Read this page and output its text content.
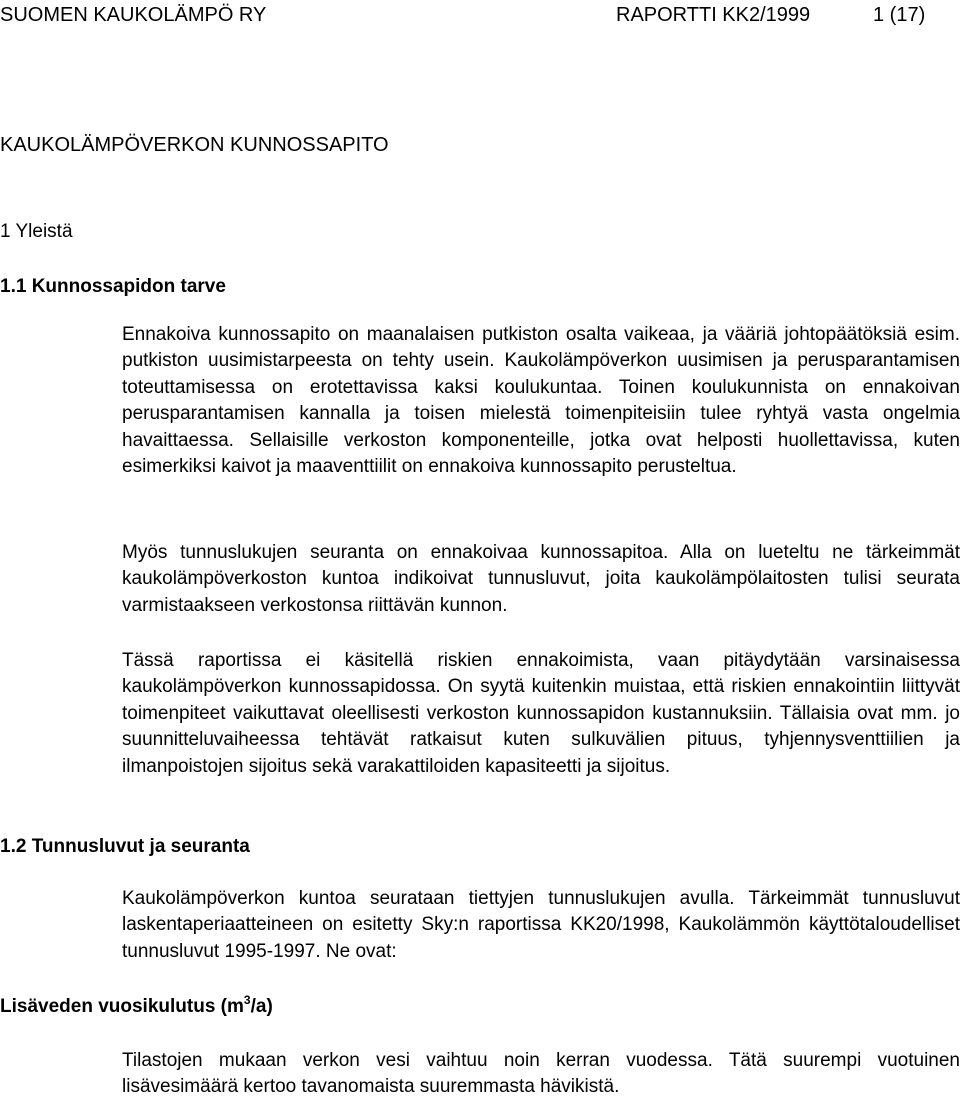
SUOMEN KAUKOLÄMPÖ RY	RAPORTTI KK2/1999	1 (17)
KAUKOLÄMPÖVERKON KUNNOSSAPITO
1 Yleistä
1.1 Kunnossapidon tarve

Ennakoiva kunnossapito on maanalaisen putkiston osalta vaikeaa, ja vääriä johtopäätöksiä esim. putkiston uusimistarpeesta on tehty usein. Kaukolämpöverkon uusimisen ja perusparantamisen toteuttamisessa on erotettavissa kaksi koulukuntaa. Toinen koulukunnista on ennakoivan perusparantamisen kannalla ja toisen mielestä toimenpiteisiin tulee ryhtyä vasta ongelmia havaittaessa. Sellaisille verkoston komponenteille, jotka ovat helposti huollettavissa, kuten esimerkiksi kaivot ja maaventtiilit on ennakoiva kunnossapito perusteltua.

Myös tunnuslukujen seuranta on ennakoivaa kunnossapitoa. Alla on lueteltu ne tärkeimmät kaukolämpöverkoston kuntoa indikoivat tunnusluvut, joita kaukolämpölaitosten tulisi seurata varmistaakseen verkostonsa riittävän kunnon.

Tässä raportissa ei käsitellä riskien ennakoimista, vaan pitäydytään varsinaisessa kaukolämpöverkon kunnossapidossa. On syytä kuitenkin muistaa, että riskien ennakointiin liittyvät toimenpiteet vaikuttavat oleellisesti verkoston kunnossapidon kustannuksiin. Tällaisia ovat mm. jo suunnitteluvaiheessa tehtävät ratkaisut kuten sulkuvälien pituus, tyhjennysventtiilien ja ilmanpoistojen sijoitus sekä varakattiloiden kapasiteetti ja sijoitus.

1.2 Tunnusluvut ja seuranta

Kaukolämpöverkon kuntoa seurataan tiettyjen tunnuslukujen avulla. Tärkeimmät tunnusluvut laskentaperiaatteineen on esitetty Sky:n raportissa KK20/1998, Kaukolämmön käyttötaloudelliset tunnusluvut 1995-1997. Ne ovat:

Lisäveden vuosikulutus $(m^3/a)$

Tilastojen mukaan verkon vesi vaihtuu noin kerran vuodessa. Tätä suurempi vuotuinen lisävesimäärä kertoo tavanomaista suuremmasta hävikistä.
